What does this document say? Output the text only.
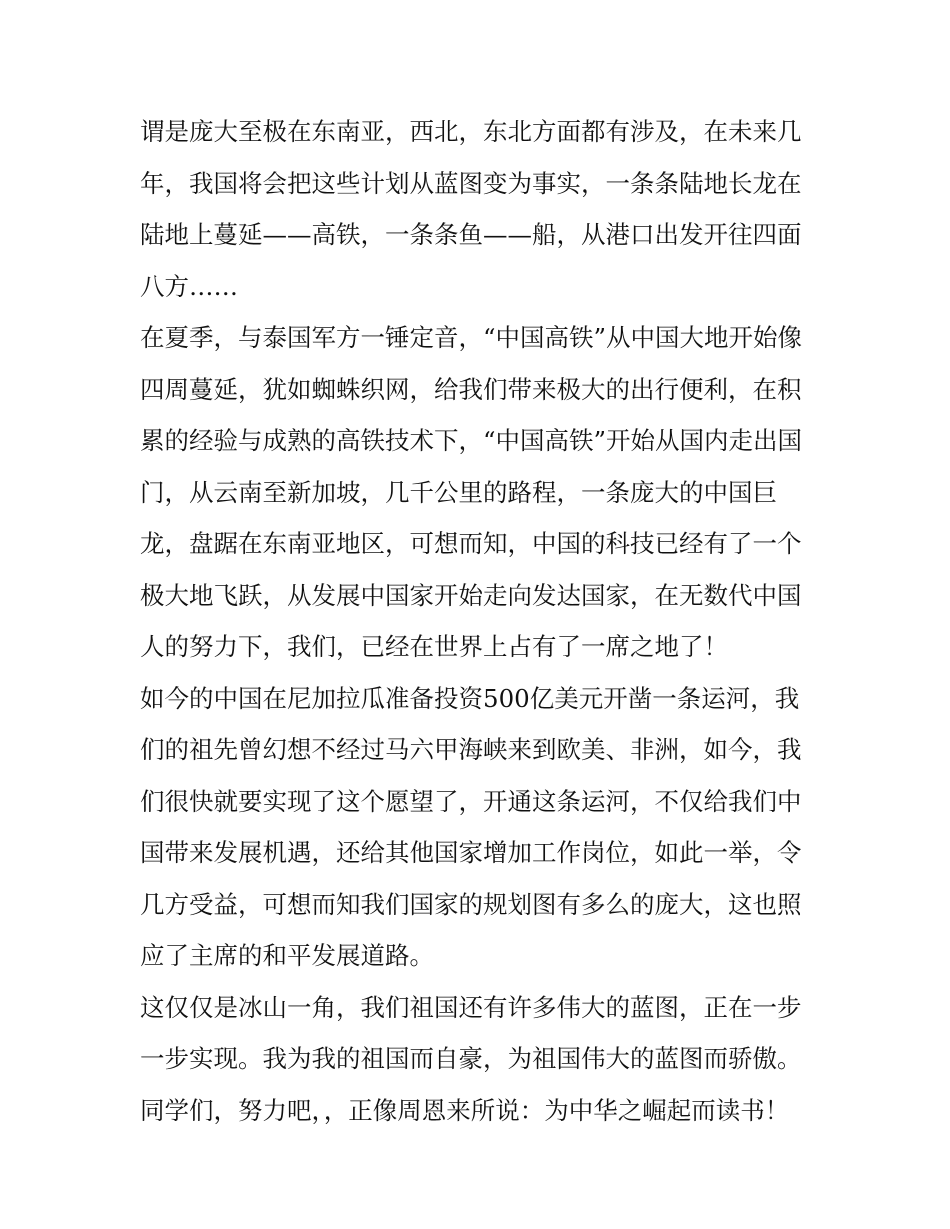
谓是庞大至极在东南亚，西北，东北方面都有涉及，在未来几
年，我国将会把这些计划从蓝图变为事实，一条条陆地长龙在
陆地上蔓延——高铁，一条条鱼——船，从港口出发开往四面
八方……
在夏季，与泰国军方一锤定音，“中国高铁”从中国大地开始像
四周蔓延，犹如蜘蛛织网，给我们带来极大的出行便利，在积
累的经验与成熟的高铁技术下，“中国高铁”开始从国内走出国
门，从云南至新加坡，几千公里的路程，一条庞大的中国巨
龙，盘踞在东南亚地区，可想而知，中国的科技已经有了一个
极大地飞跃，从发展中国家开始走向发达国家，在无数代中国
人的努力下，我们，已经在世界上占有了一席之地了！
如今的中国在尼加拉瓜准备投资500亿美元开凿一条运河，我
们的祖先曾幻想不经过马六甲海峡来到欧美、非洲，如今，我
们很快就要实现了这个愿望了，开通这条运河，不仅给我们中
国带来发展机遇，还给其他国家增加工作岗位，如此一举，令
几方受益，可想而知我们国家的规划图有多么的庞大，这也照
应了主席的和平发展道路。
这仅仅是冰山一角，我们祖国还有许多伟大的蓝图，正在一步
一步实现。我为我的祖国而自豪，为祖国伟大的蓝图而骄傲。
同学们，努力吧，，正像周恩来所说：为中华之崛起而读书！
